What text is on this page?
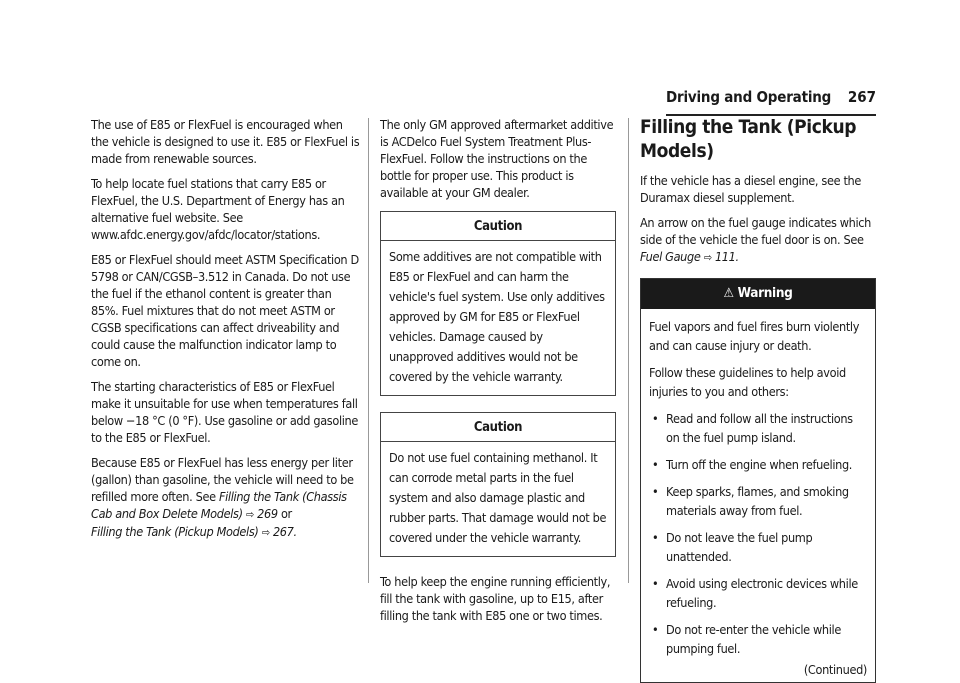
Driving and Operating 267

The use of E85 or FlexFuel is encouraged when the vehicle is designed to use it. E85 or FlexFuel is made from renewable sources.

To help locate fuel stations that carry E85 or FlexFuel, the U.S. Department of Energy has an alternative fuel website. See www.afdc.energy.gov/afdc/locator/stations.

E85 or FlexFuel should meet ASTM Specification D 5798 or CAN/CGSB–3.512 in Canada. Do not use the fuel if the ethanol content is greater than 85%. Fuel mixtures that do not meet ASTM or CGSB specifications can affect driveability and could cause the malfunction indicator lamp to come on.

The starting characteristics of E85 or FlexFuel make it unsuitable for use when temperatures fall below −18 °C (0 °F). Use gasoline or add gasoline to the E85 or FlexFuel.

Because E85 or FlexFuel has less energy per liter (gallon) than gasoline, the vehicle will need to be refilled more often. See Filling the Tank (Chassis Cab and Box Delete Models) ⇨ 269 or
Filling the Tank (Pickup Models) ⇨ 267.

The only GM approved aftermarket additive is ACDelco Fuel System Treatment Plus-FlexFuel. Follow the instructions on the bottle for proper use. This product is available at your GM dealer.

Caution
Some additives are not compatible with E85 or FlexFuel and can harm the vehicle's fuel system. Use only additives approved by GM for E85 or FlexFuel vehicles. Damage caused by unapproved additives would not be covered by the vehicle warranty.
Caution
Do not use fuel containing methanol. It can corrode metal parts in the fuel system and also damage plastic and rubber parts. That damage would not be covered under the vehicle warranty.

To help keep the engine running efficiently, fill the tank with gasoline, up to E15, after filling the tank with E85 one or two times.

Filling the Tank (Pickup Models)

If the vehicle has a diesel engine, see the Duramax diesel supplement.

An arrow on the fuel gauge indicates which side of the vehicle the fuel door is on. See Fuel Gauge ⇨ 111.

⚠ Warning

Fuel vapors and fuel fires burn violently and can cause injury or death.

Follow these guidelines to help avoid injuries to you and others:

• Read and follow all the instructions on the fuel pump island.
• Turn off the engine when refueling.
• Keep sparks, flames, and smoking materials away from fuel.
• Do not leave the fuel pump unattended.
• Avoid using electronic devices while refueling.
• Do not re-enter the vehicle while pumping fuel.
(Continued)
